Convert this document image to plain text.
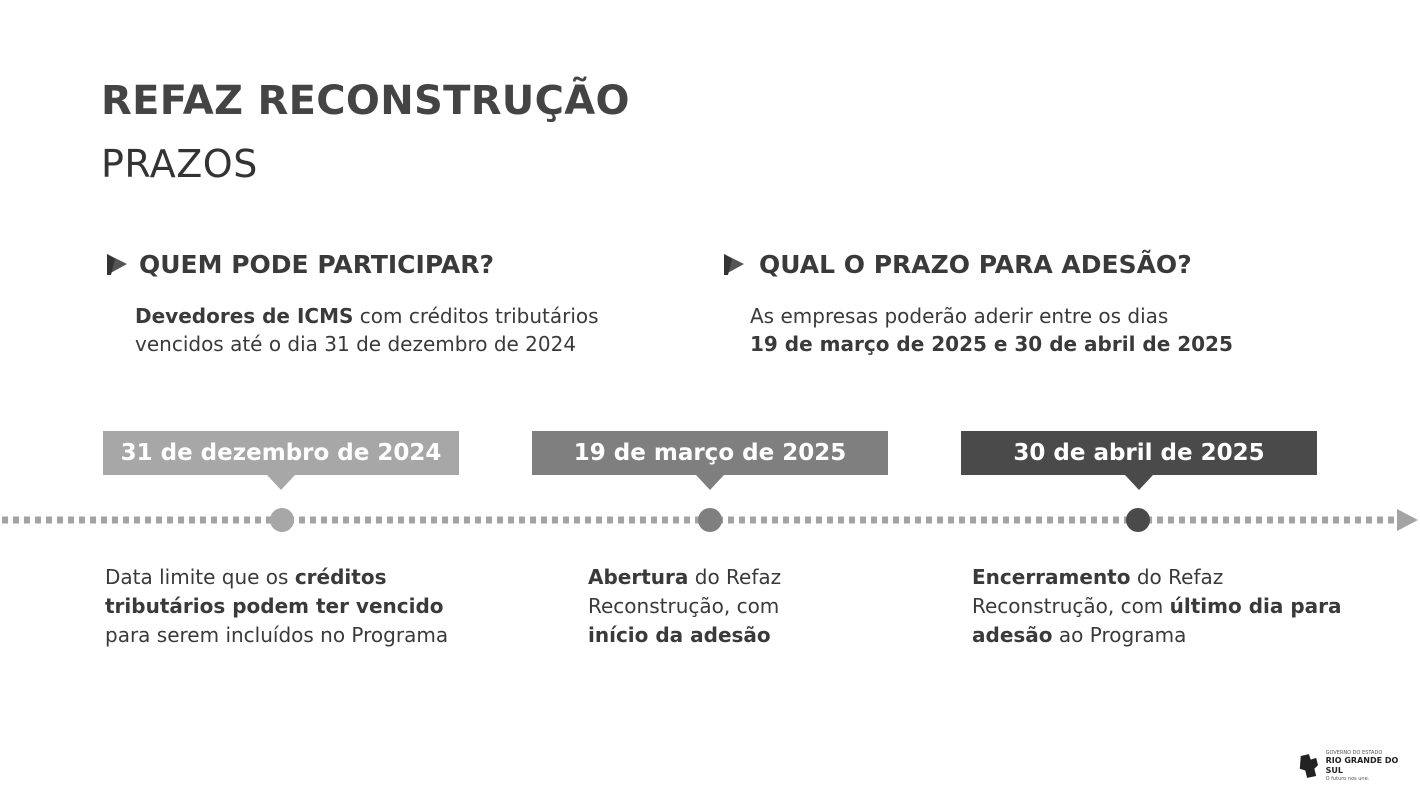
REFAZ RECONSTRUÇÃO
PRAZOS
QUEM PODE PARTICIPAR?
Devedores de ICMS com créditos tributários
vencidos até o dia 31 de dezembro de 2024
QUAL O PRAZO PARA ADESÃO?
As empresas poderão aderir entre os dias
19 de março de 2025 e 30 de abril de 2025
31 de dezembro de 2024	19 de março de 2025	30 de abril de 2025
Data limite que os créditos tributários podem ter vencido para serem incluídos no Programa
Abertura do Refaz Reconstrução, com início da adesão
Encerramento do Refaz Reconstrução, com último dia para adesão ao Programa
GOVERNO DO ESTADO
RIO GRANDE DO SUL
O futuro nos une.
